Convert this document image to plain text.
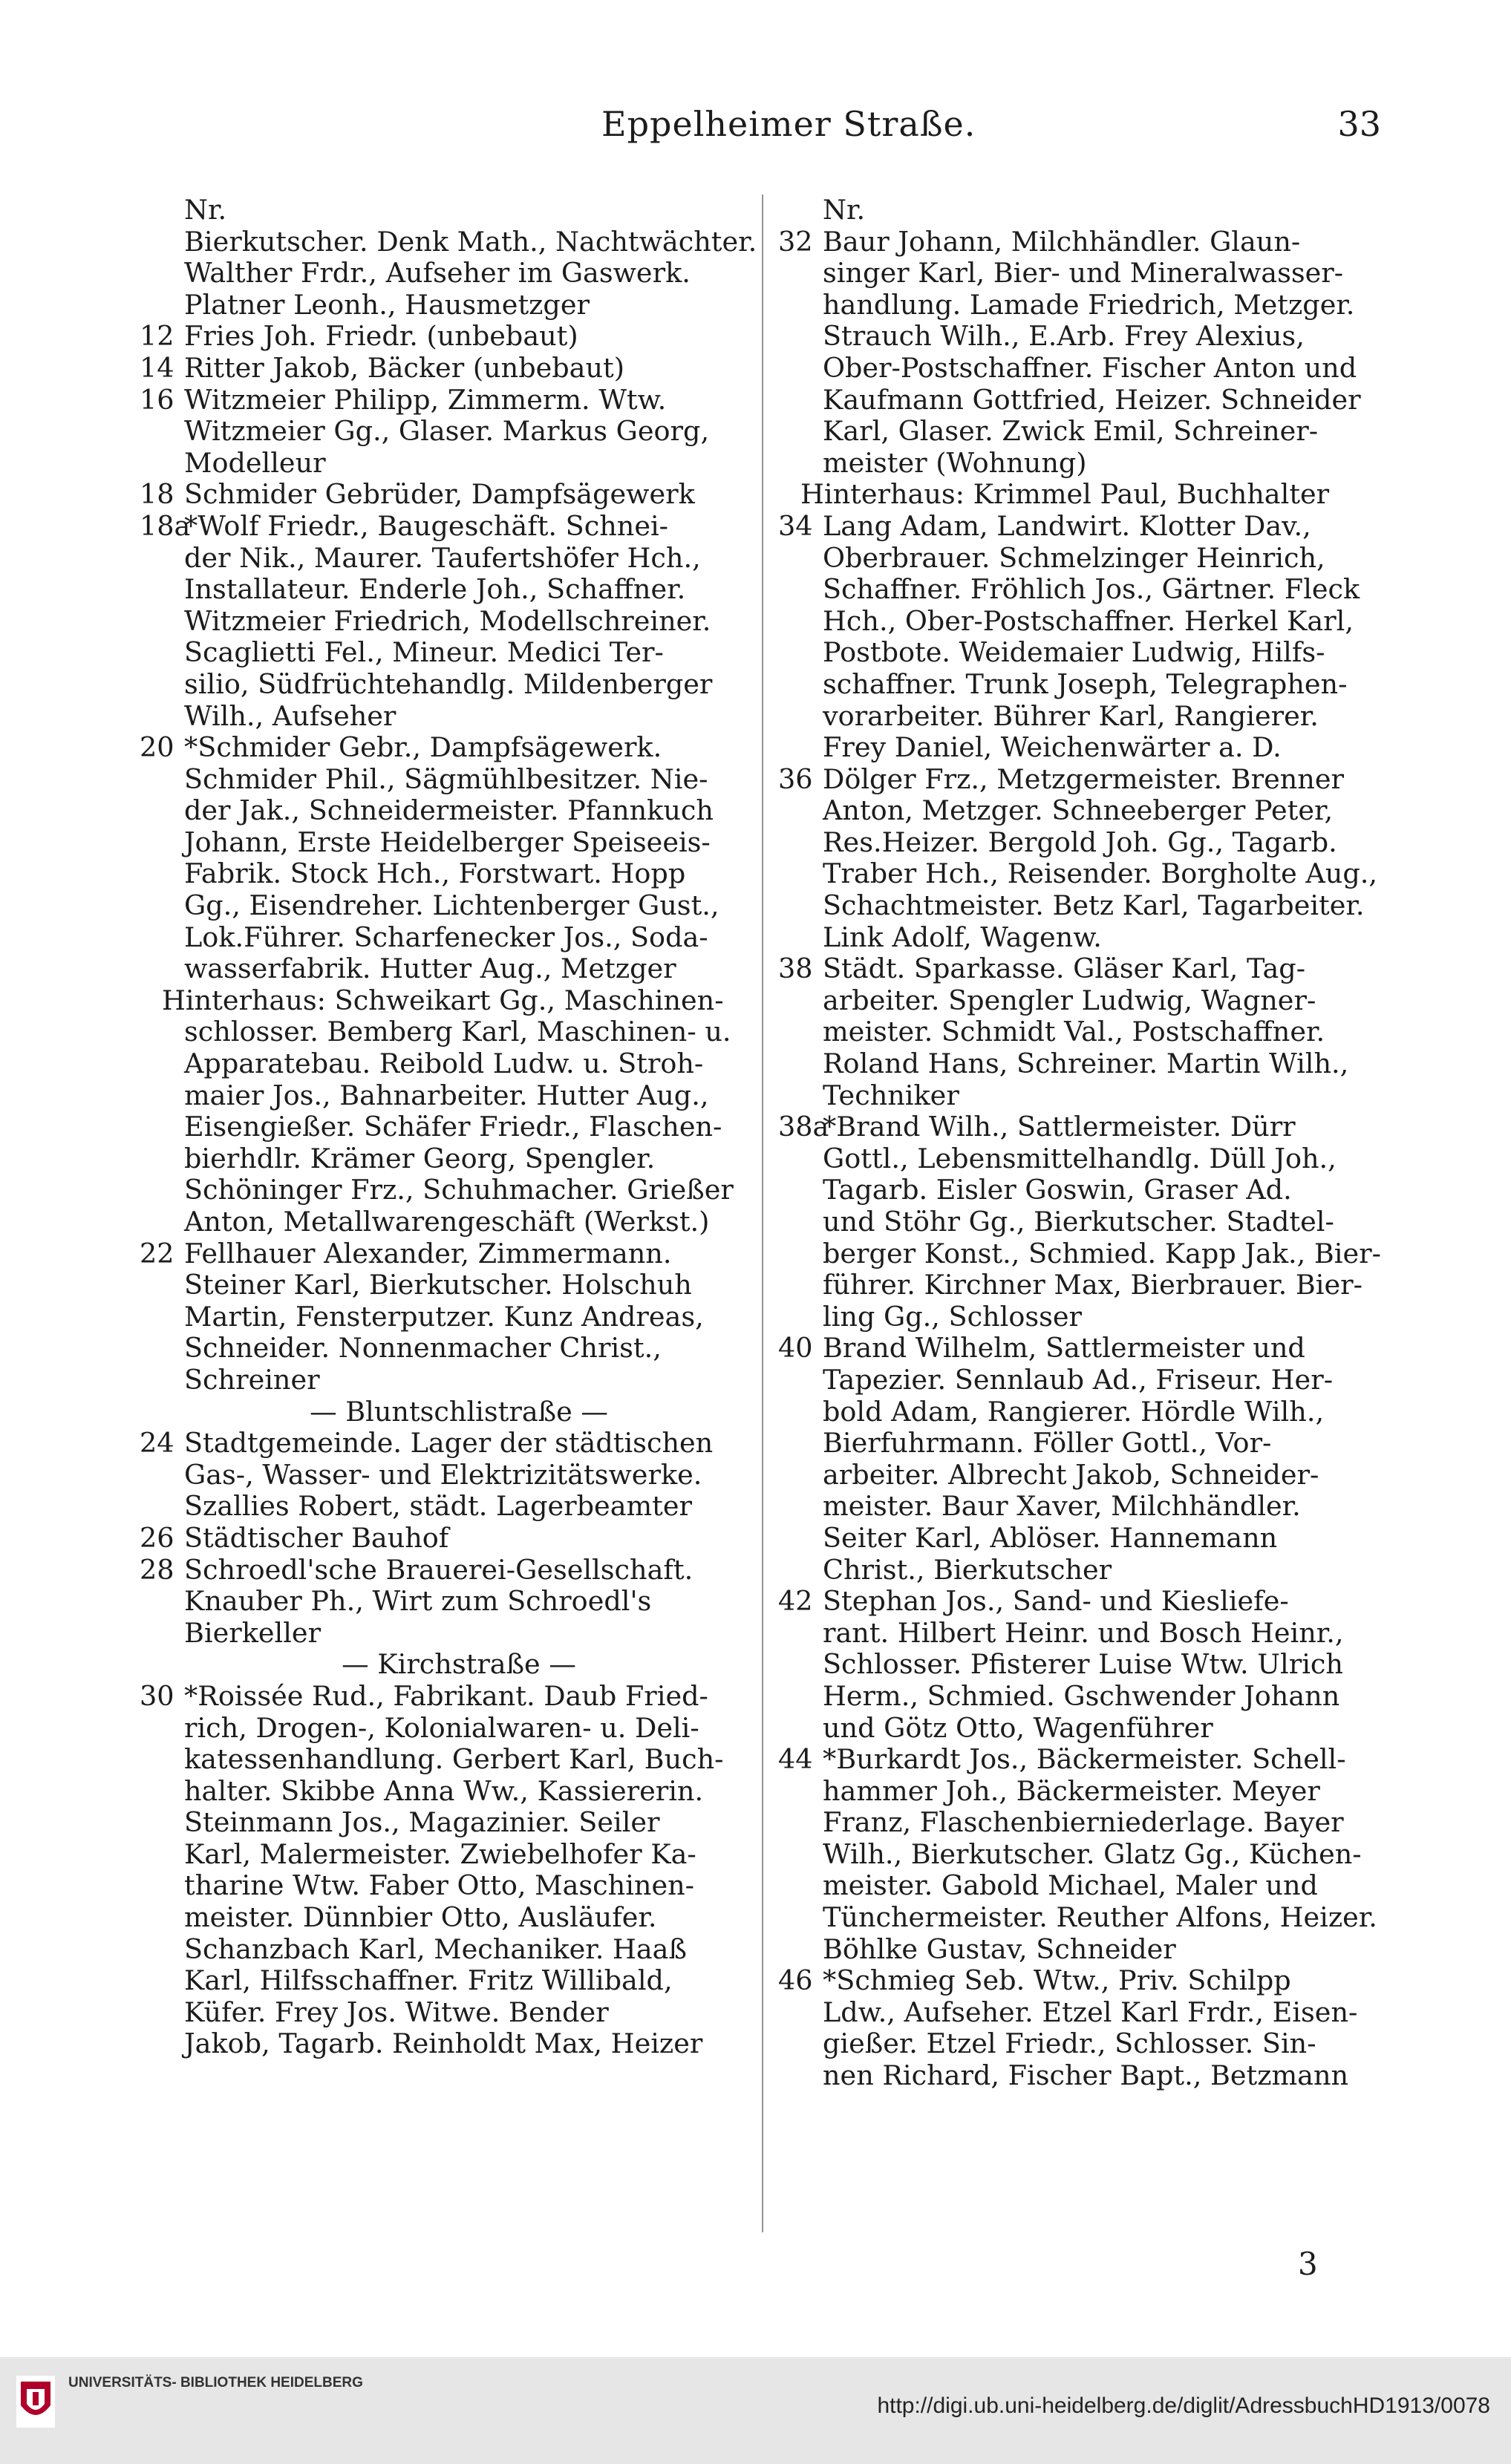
Eppelheimer Straße.	33
Nr.
Bierkutscher. Denk Math., Nachtwächter.
Walther Frdr., Aufseher im Gaswerk.
Platner Leonh., Hausmetzger
12 Fries Joh. Friedr. (unbebaut)
14 Ritter Jakob, Bäcker (unbebaut)
16 Witzmeier Philipp, Zimmerm. Wtw.
Witzmeier Gg., Glaser. Markus Georg,
Modelleur
18 Schmider Gebrüder, Dampfsägewerk
18a*Wolf Friedr., Baugeschäft. Schnei-
der Nik., Maurer. Taufertshöfer Hch.,
Installateur. Enderle Joh., Schaffner.
Witzmeier Friedrich, Modellschreiner.
Scaglietti Fel., Mineur. Medici Ter-
silio, Südfrüchtehandlg. Mildenberger
Wilh., Aufseher
20 *Schmider Gebr., Dampfsägewerk.
Schmider Phil., Sägmühlbesitzer. Nie-
der Jak., Schneidermeister. Pfannkuch
Johann, Erste Heidelberger Speiseeis-
Fabrik. Stock Hch., Forstwart. Hopp
Gg., Eisendreher. Lichtenberger Gust.,
Lok.Führer. Scharfenecker Jos., Soda-
wasserfabrik. Hutter Aug., Metzger
Hinterhaus: Schweikart Gg., Maschinen-
schlosser. Bemberg Karl, Maschinen- u.
Apparatebau. Reibold Ludw. u. Stroh-
maier Jos., Bahnarbeiter. Hutter Aug.,
Eisengießer. Schäfer Friedr., Flaschen-
bierhdlr. Krämer Georg, Spengler.
Schöninger Frz., Schuhmacher. Grießer
Anton, Metallwarengeschäft (Werkst.)
22 Fellhauer Alexander, Zimmermann.
Steiner Karl, Bierkutscher. Holschuh
Martin, Fensterputzer. Kunz Andreas,
Schneider. Nonnenmacher Christ.,
Schreiner
— Bluntschlistraße —
24 Stadtgemeinde. Lager der städtischen
Gas-, Wasser- und Elektrizitätswerke.
Szallies Robert, städt. Lagerbeamter
26 Städtischer Bauhof
28 Schroedl'sche Brauerei-Gesellschaft.
Knauber Ph., Wirt zum Schroedl's
Bierkeller
— Kirchstraße —
30 *Roissée Rud., Fabrikant. Daub Fried-
rich, Drogen-, Kolonialwaren- u. Deli-
katessenhandlung. Gerbert Karl, Buch-
halter. Skibbe Anna Ww., Kassiererin.
Steinmann Jos., Magazinier. Seiler
Karl, Malermeister. Zwiebelhofer Ka-
tharine Wtw. Faber Otto, Maschinen-
meister. Dünnbier Otto, Ausläufer.
Schanzbach Karl, Mechaniker. Haaß
Karl, Hilfsschaffner. Fritz Willibald,
Küfer. Frey Jos. Witwe. Bender
Jakob, Tagarb. Reinholdt Max, Heizer
Nr.
32 Baur Johann, Milchhändler. Glaun-
singer Karl, Bier- und Mineralwasser-
handlung. Lamade Friedrich, Metzger.
Strauch Wilh., E.Arb. Frey Alexius,
Ober-Postschaffner. Fischer Anton und
Kaufmann Gottfried, Heizer. Schneider
Karl, Glaser. Zwick Emil, Schreiner-
meister (Wohnung)
Hinterhaus: Krimmel Paul, Buchhalter
34 Lang Adam, Landwirt. Klotter Dav.,
Oberbrauer. Schmelzinger Heinrich,
Schaffner. Fröhlich Jos., Gärtner. Fleck
Hch., Ober-Postschaffner. Herkel Karl,
Postbote. Weidemaier Ludwig, Hilfs-
schaffner. Trunk Joseph, Telegraphen-
vorarbeiter. Bührer Karl, Rangierer.
Frey Daniel, Weichenwärter a. D.
36 Dölger Frz., Metzgermeister. Brenner
Anton, Metzger. Schneeberger Peter,
Res.Heizer. Bergold Joh. Gg., Tagarb.
Traber Hch., Reisender. Borgholte Aug.,
Schachtmeister. Betz Karl, Tagarbeiter.
Link Adolf, Wagenw.
38 Städt. Sparkasse. Gläser Karl, Tag-
arbeiter. Spengler Ludwig, Wagner-
meister. Schmidt Val., Postschaffner.
Roland Hans, Schreiner. Martin Wilh.,
Techniker
38a*Brand Wilh., Sattlermeister. Dürr
Gottl., Lebensmittelhandlg. Düll Joh.,
Tagarb. Eisler Goswin, Graser Ad.
und Stöhr Gg., Bierkutscher. Stadtel-
berger Konst., Schmied. Kapp Jak., Bier-
führer. Kirchner Max, Bierbrauer. Bier-
ling Gg., Schlosser
40 Brand Wilhelm, Sattlermeister und
Tapezier. Sennlaub Ad., Friseur. Her-
bold Adam, Rangierer. Hördle Wilh.,
Bierfuhrmann. Föller Gottl., Vor-
arbeiter. Albrecht Jakob, Schneider-
meister. Baur Xaver, Milchhändler.
Seiter Karl, Ablöser. Hannemann
Christ., Bierkutscher
42 Stephan Jos., Sand- und Kiesliefe-
rant. Hilbert Heinr. und Bosch Heinr.,
Schlosser. Pfisterer Luise Wtw. Ulrich
Herm., Schmied. Gschwender Johann
und Götz Otto, Wagenführer
44 *Burkardt Jos., Bäckermeister. Schell-
hammer Joh., Bäckermeister. Meyer
Franz, Flaschenbierniederlage. Bayer
Wilh., Bierkutscher. Glatz Gg., Küchen-
meister. Gabold Michael, Maler und
Tünchermeister. Reuther Alfons, Heizer.
Böhlke Gustav, Schneider
46 *Schmieg Seb. Wtw., Priv. Schilpp
Ldw., Aufseher. Etzel Karl Frdr., Eisen-
gießer. Etzel Friedr., Schlosser. Sin-
nen Richard, Fischer Bapt., Betzmann
3
UNIVERSITÄTS- BIBLIOTHEK HEIDELBERG
http://digi.ub.uni-heidelberg.de/diglit/AdressbuchHD1913/0078
